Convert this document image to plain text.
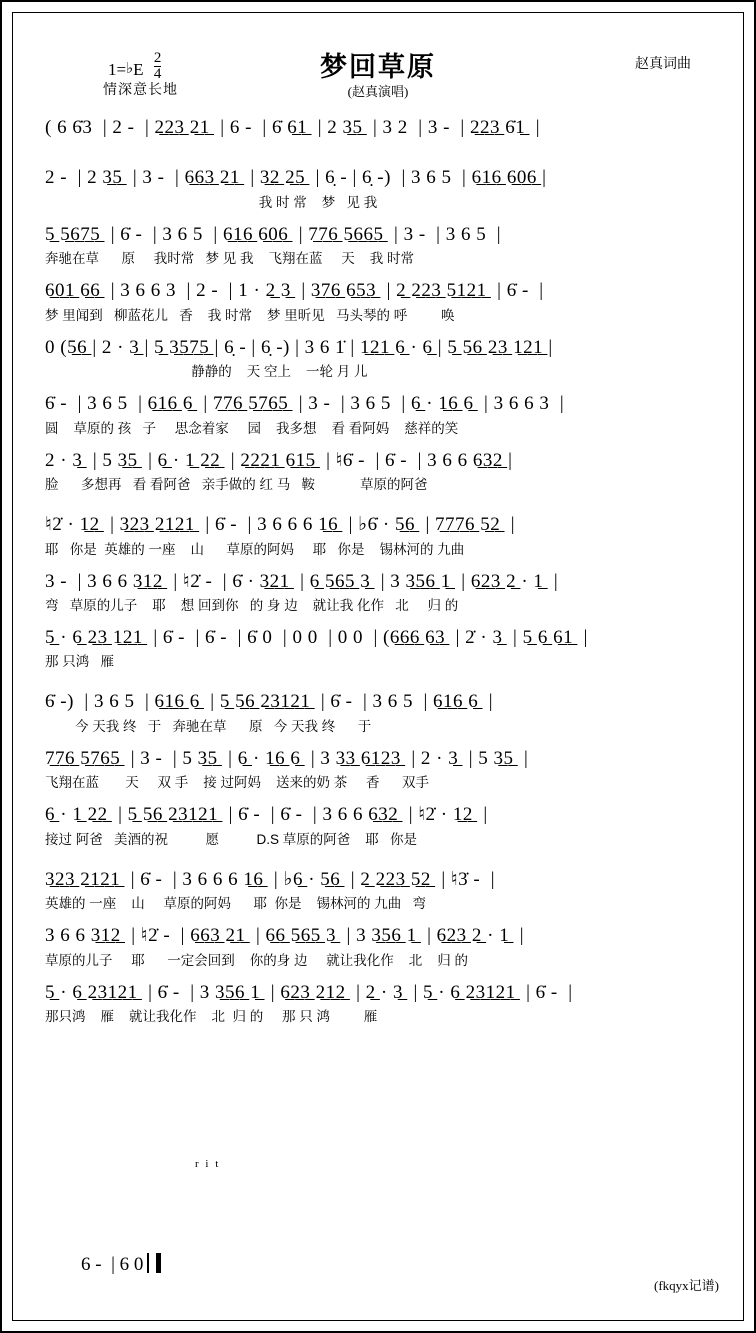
1=♭E $\frac{2}{4}$
情深意长地
梦回草原
(赵真演唱)
赵真词曲
( 6 6̇3  | 2 -  | 2̲2̲3̲ 2̲1̲  | 6 -  | 6̇ 6̲1̲  | 2 3̲5̲  | 3 2  | 3 -  | 2̲2̲3̲ 6̇1̲  |
2 -  | 2 3̲5̲  | 3 -  | 6̲6̲3̲ 2̲1̲  | 3̲2̲ 2̲5̲  | 6̣ - | 6̣ -)  | 3 6 5  | 6̲1̲6̲ 6̲0̲6̲ |
我 时 常    梦   见 我
5̲ 5̲6̲7̲5̲  | 6̇ -  | 3 6 5  | 6̲1̲6̲ 6̲0̲6̲  | 7̲7̲6̲ 5̲6̲6̲5̲  | 3 -  | 3 6 5  |
奔驰在草      原     我时常   梦 见 我    飞翔在蓝     天    我 时常
6̲0̲1̲ 6̲6̲  | 3 6 6 3  | 2 -  | 1 · 2̲ 3̲  | 3̲7̲6̲ 6̲5̲3̲  | 2̲ 2̲2̲3̲ 5̲1̲2̲1̲  | 6̇ -  |
梦 里闻到   柳蓝花儿   香    我 时常    梦 里昕见   马头琴的 呼         唤
0 (5̲6̲ | 2 · 3̲ | 5̲ 3̲5̲7̲5̲ | 6̣ - | 6̣ -) | 3 6 1̇ | 1̲2̲1̲ 6̲ · 6̲ | 5̲ 5̲6̲ 2̲3̲ 1̲2̲1̲ |
静静的    天 空上    一轮 月 儿
6̇ -  | 3 6 5  | 6̲1̲6̲ 6̲  | 7̲7̲6̲ 5̲7̲6̲5̲  | 3 -  | 3 6 5  | 6̲ · 1̲6̲ 6̲  | 3 6 6 3  |
圆    草原的 孩   子     思念着家     园    我多想    看 看阿妈    慈祥的笑
2 · 3̲  | 5 3̲5̲  | 6̲ · 1̲ 2̲2̲  | 2̲2̲2̲1̲ 6̲1̲5̲  | ♮6̇ -  | 6̇ -  | 3 6 6 6̲3̲2̲ |
脸      多想再   看 看阿爸   亲手做的 红 马   鞍            草原的阿爸
♮2̇ · 1̲2̲  | 3̲2̲3̲ 2̲1̲2̲1̲  | 6̇ -  | 3 6 6 6 1̲6̲  | ♭6̇ · 5̲6̲  | 7̲7̲7̲6̲ 5̲2̲  |
耶   你是  英雄的 一座    山      草原的阿妈     耶   你是    锡林河的 九曲
3 -  | 3 6 6 3̲1̲2̲  | ♮2̇ -  | 6̇ · 3̲2̲1̲  | 6̲ 5̲6̲5̲ 3̲  | 3 3̲5̲6̲ 1̲  | 6̲2̲3̲ 2̲ · 1̲  |
弯   草原的儿子    耶    想 回到你   的 身 边    就让我 化作   北     归 的
5̲ · 6̲ 2̲3̲ 1̲2̲1̲  | 6̇ -  | 6̇ -  | 6̇ 0  | 0 0  | 0 0  | (6̲6̲6̲ 6̲3̲  | 2̇ · 3̲  | 5̲ 6̲ 6̲1̲  |
那 只鸿   雁
6̇ -)  | 3 6 5  | 6̲1̲6̲ 6̲  | 5̲ 5̲6̲ 2̲3̲1̲2̲1̲  | 6̇ -  | 3 6 5  | 6̲1̲6̲ 6̲  |
今 天我 终   于   奔驰在草      原   今 天我 终      于
7̲7̲6̲ 5̲7̲6̲5̲  | 3 -  | 5 3̲5̲  | 6̲ · 1̲6̲ 6̲  | 3 3̲3̲ 6̲1̲2̲3̲  | 2 · 3̲  | 5 3̲5̲  |
飞翔在蓝       天     双 手    接 过阿妈    送来的奶 茶     香      双手
6̲ · 1̲ 2̲2̲  | 5̲ 5̲6̲ 2̲3̲1̲2̲1̲  | 6̇ -  | 6̇ -  | 3 6 6 6̲3̲2̲  | ♮2̇ · 1̲2̲  |
接过 阿爸   美酒的祝          愿          D.S 草原的阿爸    耶   你是
3̲2̲3̲ 2̲1̲2̲1̲  | 6̇ -  | 3 6 6 6 1̲6̲  | ♭6̲ · 5̲6̲  | 2̲ 2̲2̲3̲ 5̲2̲  | ♮3̇ -  |
英雄的 一座    山     草原的阿妈      耶  你是    锡林河的 九曲   弯
3 6 6 3̲1̲2̲  | ♮2̇ -  | 6̲6̲3̲ 2̲1̲  | 6̲6̲ 5̲6̲5̲ 3̲  | 3 3̲5̲6̲ 1̲  | 6̲2̲3̲ 2̲ · 1̲  |
草原的儿子     耶      一定会回到    你的身 边     就让我化作    北    归 的
5̲ · 6̲ 2̲3̲1̲2̲1̲  | 6̇ -  | 3 3̲5̲6̲ 1̲  | 6̲2̲3̲ 2̲1̲2̲  | 2̲ · 3̲  | 5̲ · 6̲ 2̲3̲1̲2̲1̲  | 6̇ -  |
那只鸿    雁    就让我化作    北  归 的     那 只 鸿         雁
r i t

6 -  | 6 0

(fkqyx记谱)
